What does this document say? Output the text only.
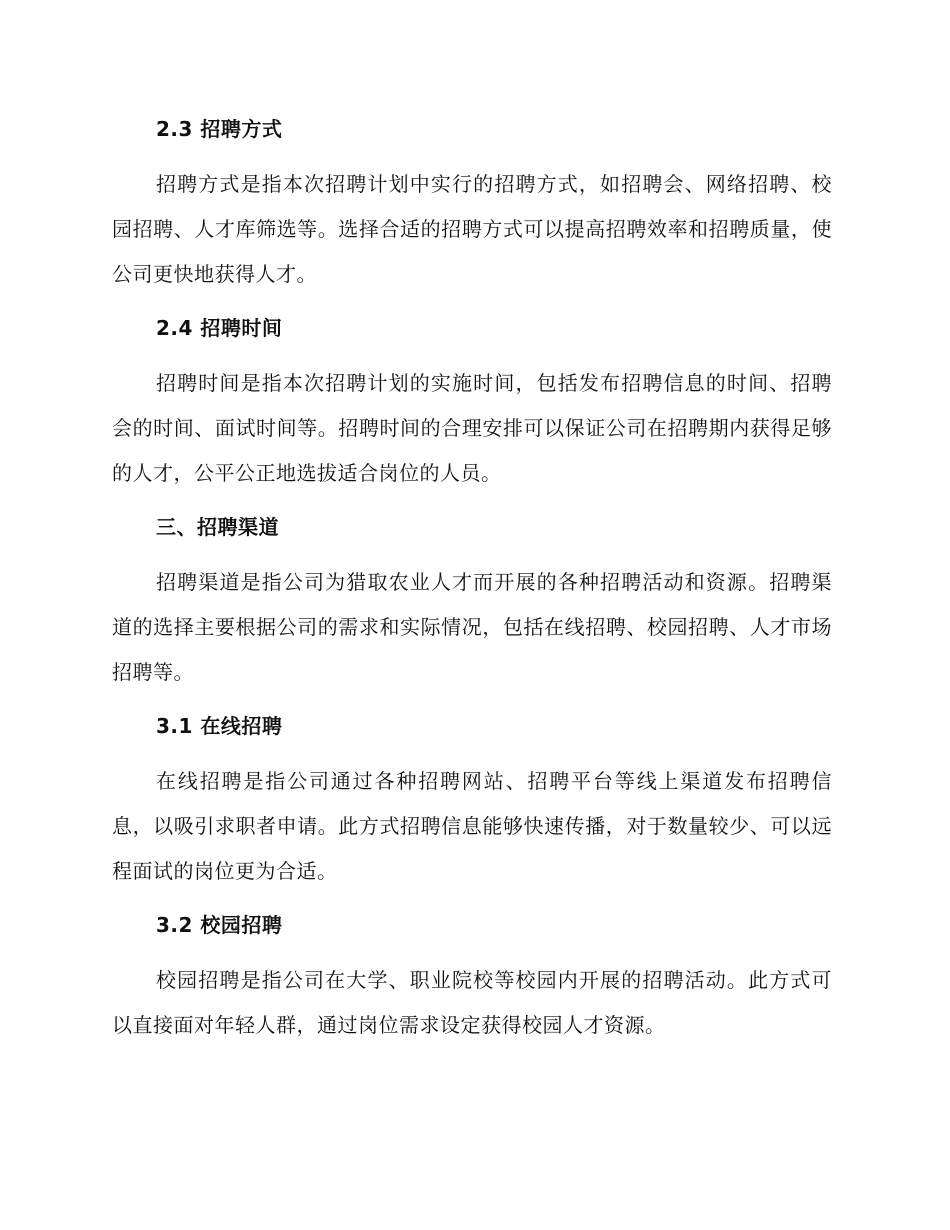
2.3 招聘方式
招聘方式是指本次招聘计划中实行的招聘方式，如招聘会、网络招聘、校园招聘、人才库筛选等。选择合适的招聘方式可以提高招聘效率和招聘质量，使公司更快地获得人才。
2.4 招聘时间
招聘时间是指本次招聘计划的实施时间，包括发布招聘信息的时间、招聘会的时间、面试时间等。招聘时间的合理安排可以保证公司在招聘期内获得足够的人才，公平公正地选拔适合岗位的人员。
三、招聘渠道
招聘渠道是指公司为猎取农业人才而开展的各种招聘活动和资源。招聘渠道的选择主要根据公司的需求和实际情况，包括在线招聘、校园招聘、人才市场招聘等。
3.1 在线招聘
在线招聘是指公司通过各种招聘网站、招聘平台等线上渠道发布招聘信息，以吸引求职者申请。此方式招聘信息能够快速传播，对于数量较少、可以远程面试的岗位更为合适。
3.2 校园招聘
校园招聘是指公司在大学、职业院校等校园内开展的招聘活动。此方式可以直接面对年轻人群，通过岗位需求设定获得校园人才资源。
